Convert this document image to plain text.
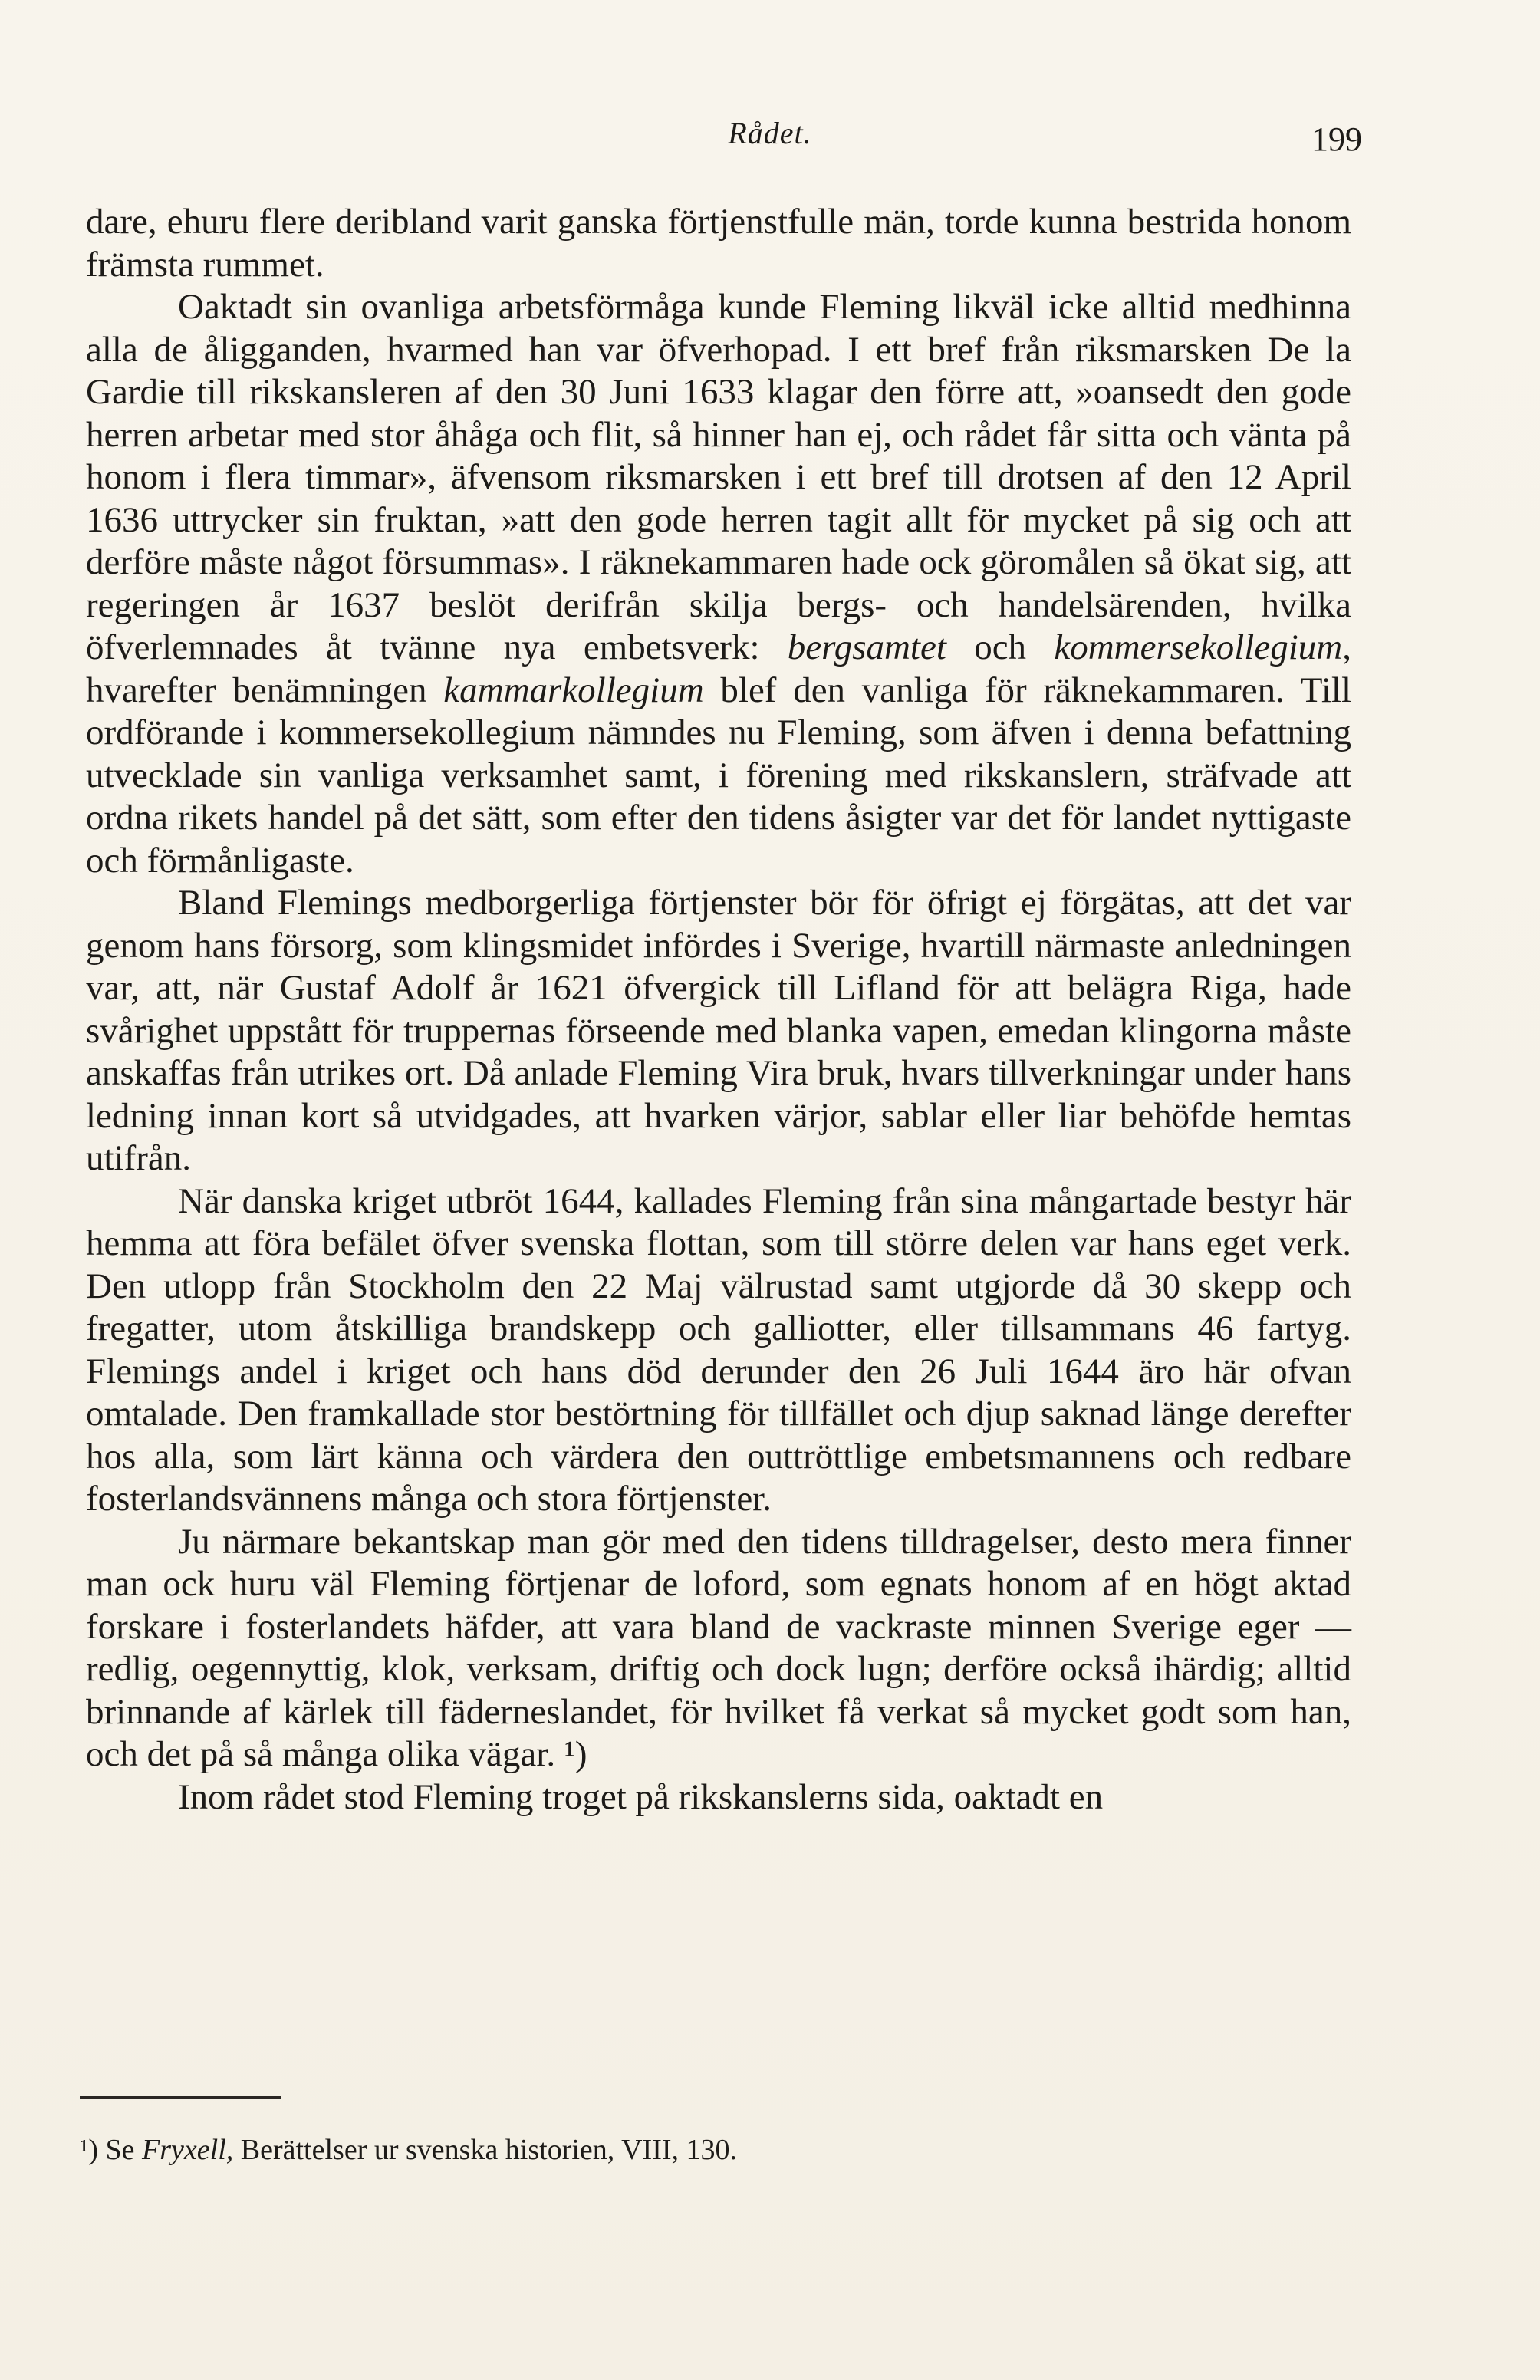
Rådet.	199

dare, ehuru flere deribland varit ganska förtjenstfulle män, torde kunna bestrida honom främsta rummet.

Oaktadt sin ovanliga arbetsförmåga kunde Fleming likväl icke alltid medhinna alla de åligganden, hvarmed han var öfverhopad. I ett bref från riksmarsken De la Gardie till rikskansleren af den 30 Juni 1633 klagar den förre att, »oansedt den gode herren arbetar med stor åhåga och flit, så hinner han ej, och rådet får sitta och vänta på honom i flera timmar», äfvensom riksmarsken i ett bref till drotsen af den 12 April 1636 uttrycker sin fruktan, »att den gode herren tagit allt för mycket på sig och att derföre måste något försummas». I räknekammaren hade ock göromålen så ökat sig, att regeringen år 1637 beslöt derifrån skilja bergs- och handelsärenden, hvilka öfverlemnades åt tvänne nya embetsverk: bergsamtet och kommersekollegium, hvarefter benämningen kammarkollegium blef den vanliga för räknekammaren. Till ordförande i kommersekollegium nämndes nu Fleming, som äfven i denna befattning utvecklade sin vanliga verksamhet samt, i förening med rikskanslern, sträfvade att ordna rikets handel på det sätt, som efter den tidens åsigter var det för landet nyttigaste och förmånligaste.

Bland Flemings medborgerliga förtjenster bör för öfrigt ej förgätas, att det var genom hans försorg, som klingsmidet infördes i Sverige, hvartill närmaste anledningen var, att, när Gustaf Adolf år 1621 öfvergick till Lifland för att belägra Riga, hade svårighet uppstått för truppernas förseende med blanka vapen, emedan klingorna måste anskaffas från utrikes ort. Då anlade Fleming Vira bruk, hvars tillverkningar under hans ledning innan kort så utvidgades, att hvarken värjor, sablar eller liar behöfde hemtas utifrån.

När danska kriget utbröt 1644, kallades Fleming från sina mångartade bestyr här hemma att föra befälet öfver svenska flottan, som till större delen var hans eget verk. Den utlopp från Stockholm den 22 Maj välrustad samt utgjorde då 30 skepp och fregatter, utom åtskilliga brandskepp och galliotter, eller tillsammans 46 fartyg. Flemings andel i kriget och hans död derunder den 26 Juli 1644 äro här ofvan omtalade. Den framkallade stor bestörtning för tillfället och djup saknad länge derefter hos alla, som lärt känna och värdera den outtröttlige embetsmannens och redbare fosterlandsvännens många och stora förtjenster.

Ju närmare bekantskap man gör med den tidens tilldragelser, desto mera finner man ock huru väl Fleming förtjenar de loford, som egnats honom af en högt aktad forskare i fosterlandets häfder, att vara bland de vackraste minnen Sverige eger — redlig, oegennyttig, klok, verksam, driftig och dock lugn; derföre också ihärdig; alltid brinnande af kärlek till fäderneslandet, för hvilket få verkat så mycket godt som han, och det på så många olika vägar. ¹)

Inom rådet stod Fleming troget på rikskanslerns sida, oaktadt en

¹) Se Fryxell, Berättelser ur svenska historien, VIII, 130.
